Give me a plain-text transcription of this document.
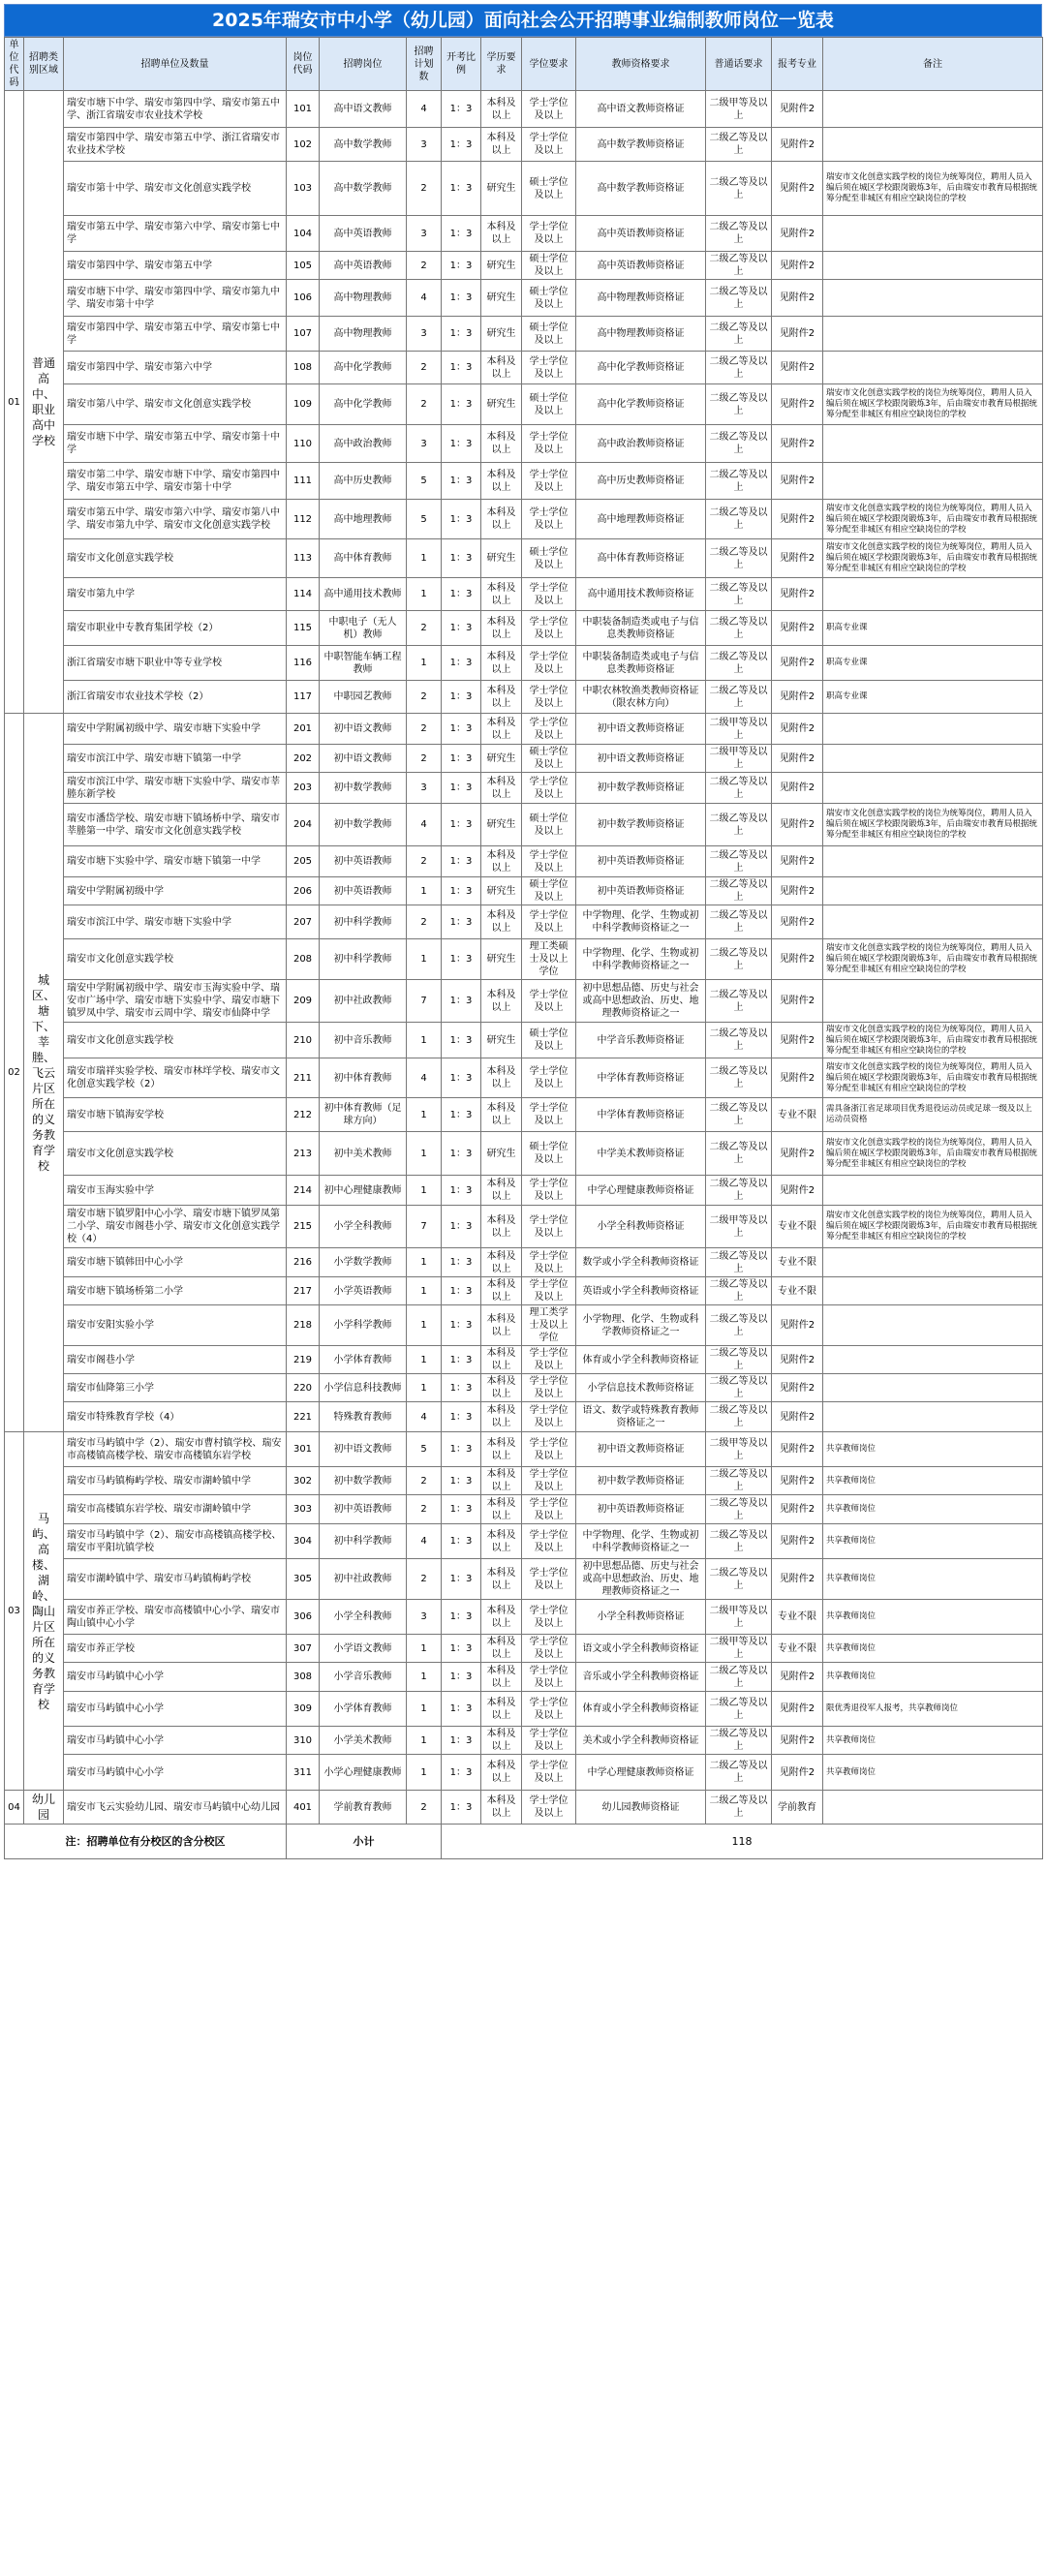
2025年瑞安市中小学（幼儿园）面向社会公开招聘事业编制教师岗位一览表
单位代码	招聘类别区域	招聘单位及数量	岗位代码	招聘岗位	招聘计划数	开考比例	学历要求	学位要求	教师资格要求	普通话要求	报考专业	备注
01	普通高中、职业高中学校	瑞安市塘下中学、瑞安市第四中学、瑞安市第五中学、浙江省瑞安市农业技术学校	101	高中语文教师	4	1：3	本科及以上	学士学位及以上	高中语文教师资格证	二级甲等及以上	见附件2	
		瑞安市第四中学、瑞安市第五中学、浙江省瑞安市农业技术学校	102	高中数学教师	3	1：3	本科及以上	学士学位及以上	高中数学教师资格证	二级乙等及以上	见附件2	
		瑞安市第十中学、瑞安市文化创意实践学校	103	高中数学教师	2	1：3	研究生	硕士学位及以上	高中数学教师资格证	二级乙等及以上	见附件2	瑞安市文化创意实践学校的岗位为统筹岗位，聘用人员入编后须在城区学校跟岗锻炼3年，后由瑞安市教育局根据统筹分配至非城区有相应空缺岗位的学校
		瑞安市第五中学、瑞安市第六中学、瑞安市第七中学	104	高中英语教师	3	1：3	本科及以上	学士学位及以上	高中英语教师资格证	二级乙等及以上	见附件2	
		瑞安市第四中学、瑞安市第五中学	105	高中英语教师	2	1：3	研究生	硕士学位及以上	高中英语教师资格证	二级乙等及以上	见附件2	
		瑞安市塘下中学、瑞安市第四中学、瑞安市第九中学、瑞安市第十中学	106	高中物理教师	4	1：3	研究生	硕士学位及以上	高中物理教师资格证	二级乙等及以上	见附件2	
		瑞安市第四中学、瑞安市第五中学、瑞安市第七中学	107	高中物理教师	3	1：3	研究生	硕士学位及以上	高中物理教师资格证	二级乙等及以上	见附件2	
		瑞安市第四中学、瑞安市第六中学	108	高中化学教师	2	1：3	本科及以上	学士学位及以上	高中化学教师资格证	二级乙等及以上	见附件2	
		瑞安市第八中学、瑞安市文化创意实践学校	109	高中化学教师	2	1：3	研究生	硕士学位及以上	高中化学教师资格证	二级乙等及以上	见附件2	瑞安市文化创意实践学校的岗位为统筹岗位，聘用人员入编后须在城区学校跟岗锻炼3年，后由瑞安市教育局根据统筹分配至非城区有相应空缺岗位的学校
		瑞安市塘下中学、瑞安市第五中学、瑞安市第十中学	110	高中政治教师	3	1：3	本科及以上	学士学位及以上	高中政治教师资格证	二级乙等及以上	见附件2	
		瑞安市第二中学、瑞安市塘下中学、瑞安市第四中学、瑞安市第五中学、瑞安市第十中学	111	高中历史教师	5	1：3	本科及以上	学士学位及以上	高中历史教师资格证	二级乙等及以上	见附件2	
		瑞安市第五中学、瑞安市第六中学、瑞安市第八中学、瑞安市第九中学、瑞安市文化创意实践学校	112	高中地理教师	5	1：3	本科及以上	学士学位及以上	高中地理教师资格证	二级乙等及以上	见附件2	瑞安市文化创意实践学校的岗位为统筹岗位，聘用人员入编后须在城区学校跟岗锻炼3年，后由瑞安市教育局根据统筹分配至非城区有相应空缺岗位的学校
		瑞安市文化创意实践学校	113	高中体育教师	1	1：3	研究生	硕士学位及以上	高中体育教师资格证	二级乙等及以上	见附件2	瑞安市文化创意实践学校的岗位为统筹岗位，聘用人员入编后须在城区学校跟岗锻炼3年，后由瑞安市教育局根据统筹分配至非城区有相应空缺岗位的学校
		瑞安市第九中学	114	高中通用技术教师	1	1：3	本科及以上	学士学位及以上	高中通用技术教师资格证	二级乙等及以上	见附件2	
		瑞安市职业中专教育集团学校（2）	115	中职电子（无人机）教师	2	1：3	本科及以上	学士学位及以上	中职装备制造类或电子与信息类教师资格证	二级乙等及以上	见附件2	职高专业课
		浙江省瑞安市塘下职业中等专业学校	116	中职智能车辆工程教师	1	1：3	本科及以上	学士学位及以上	中职装备制造类或电子与信息类教师资格证	二级乙等及以上	见附件2	职高专业课
		浙江省瑞安市农业技术学校（2）	117	中职园艺教师	2	1：3	本科及以上	学士学位及以上	中职农林牧渔类教师资格证（限农林方向）	二级乙等及以上	见附件2	职高专业课
02	城区、塘下、莘塍、飞云片区所在的义务教育学校	瑞安中学附属初级中学、瑞安市塘下实验中学	201	初中语文教师	2	1：3	本科及以上	学士学位及以上	初中语文教师资格证	二级甲等及以上	见附件2	
		瑞安市滨江中学、瑞安市塘下镇第一中学	202	初中语文教师	2	1：3	研究生	硕士学位及以上	初中语文教师资格证	二级甲等及以上	见附件2	
		瑞安市滨江中学、瑞安市塘下实验中学、瑞安市莘塍东新学校	203	初中数学教师	3	1：3	本科及以上	学士学位及以上	初中数学教师资格证	二级乙等及以上	见附件2	
		瑞安市潘岱学校、瑞安市塘下镇场桥中学、瑞安市莘塍第一中学、瑞安市文化创意实践学校	204	初中数学教师	4	1：3	研究生	硕士学位及以上	初中数学教师资格证	二级乙等及以上	见附件2	瑞安市文化创意实践学校的岗位为统筹岗位，聘用人员入编后须在城区学校跟岗锻炼3年，后由瑞安市教育局根据统筹分配至非城区有相应空缺岗位的学校
		瑞安市塘下实验中学、瑞安市塘下镇第一中学	205	初中英语教师	2	1：3	本科及以上	学士学位及以上	初中英语教师资格证	二级乙等及以上	见附件2	
		瑞安中学附属初级中学	206	初中英语教师	1	1：3	研究生	硕士学位及以上	初中英语教师资格证	二级乙等及以上	见附件2	
		瑞安市滨江中学、瑞安市塘下实验中学	207	初中科学教师	2	1：3	本科及以上	学士学位及以上	中学物理、化学、生物或初中科学教师资格证之一	二级乙等及以上	见附件2	
		瑞安市文化创意实践学校	208	初中科学教师	1	1：3	研究生	理工类硕士及以上学位	中学物理、化学、生物或初中科学教师资格证之一	二级乙等及以上	见附件2	瑞安市文化创意实践学校的岗位为统筹岗位，聘用人员入编后须在城区学校跟岗锻炼3年，后由瑞安市教育局根据统筹分配至非城区有相应空缺岗位的学校
		瑞安中学附属初级中学、瑞安市玉海实验中学、瑞安市广场中学、瑞安市塘下实验中学、瑞安市塘下镇罗凤中学、瑞安市云周中学、瑞安市仙降中学	209	初中社政教师	7	1：3	本科及以上	学士学位及以上	初中思想品德、历史与社会或高中思想政治、历史、地理教师资格证之一	二级乙等及以上	见附件2	
		瑞安市文化创意实践学校	210	初中音乐教师	1	1：3	研究生	硕士学位及以上	中学音乐教师资格证	二级乙等及以上	见附件2	瑞安市文化创意实践学校的岗位为统筹岗位，聘用人员入编后须在城区学校跟岗锻炼3年，后由瑞安市教育局根据统筹分配至非城区有相应空缺岗位的学校
		瑞安市瑞祥实验学校、瑞安市林垟学校、瑞安市文化创意实践学校（2）	211	初中体育教师	4	1：3	本科及以上	学士学位及以上	中学体育教师资格证	二级乙等及以上	见附件2	瑞安市文化创意实践学校的岗位为统筹岗位，聘用人员入编后须在城区学校跟岗锻炼3年，后由瑞安市教育局根据统筹分配至非城区有相应空缺岗位的学校
		瑞安市塘下镇海安学校	212	初中体育教师（足球方向）	1	1：3	本科及以上	学士学位及以上	中学体育教师资格证	二级乙等及以上	专业不限	需具备浙江省足球项目优秀退役运动员或足球一级及以上运动员资格
		瑞安市文化创意实践学校	213	初中美术教师	1	1：3	研究生	硕士学位及以上	中学美术教师资格证	二级乙等及以上	见附件2	瑞安市文化创意实践学校的岗位为统筹岗位，聘用人员入编后须在城区学校跟岗锻炼3年，后由瑞安市教育局根据统筹分配至非城区有相应空缺岗位的学校
		瑞安市玉海实验中学	214	初中心理健康教师	1	1：3	本科及以上	学士学位及以上	中学心理健康教师资格证	二级乙等及以上	见附件2	
		瑞安市塘下镇罗阳中心小学、瑞安市塘下镇罗凤第二小学、瑞安市阁巷小学、瑞安市文化创意实践学校（4）	215	小学全科教师	7	1：3	本科及以上	学士学位及以上	小学全科教师资格证	二级甲等及以上	专业不限	瑞安市文化创意实践学校的岗位为统筹岗位，聘用人员入编后须在城区学校跟岗锻炼3年，后由瑞安市教育局根据统筹分配至非城区有相应空缺岗位的学校
		瑞安市塘下镇韩田中心小学	216	小学数学教师	1	1：3	本科及以上	学士学位及以上	数学或小学全科教师资格证	二级乙等及以上	专业不限	
		瑞安市塘下镇场桥第二小学	217	小学英语教师	1	1：3	本科及以上	学士学位及以上	英语或小学全科教师资格证	二级乙等及以上	专业不限	
		瑞安市安阳实验小学	218	小学科学教师	1	1：3	本科及以上	理工类学士及以上学位	小学物理、化学、生物或科学教师资格证之一	二级乙等及以上	见附件2	
		瑞安市阁巷小学	219	小学体育教师	1	1：3	本科及以上	学士学位及以上	体育或小学全科教师资格证	二级乙等及以上	见附件2	
		瑞安市仙降第三小学	220	小学信息科技教师	1	1：3	本科及以上	学士学位及以上	小学信息技术教师资格证	二级乙等及以上	见附件2	
		瑞安市特殊教育学校（4）	221	特殊教育教师	4	1：3	本科及以上	学士学位及以上	语文、数学或特殊教育教师资格证之一	二级乙等及以上	见附件2	
03	马屿、高楼、湖岭、陶山片区所在的义务教育学校	瑞安市马屿镇中学（2）、瑞安市曹村镇学校、瑞安市高楼镇高楼学校、瑞安市高楼镇东岩学校	301	初中语文教师	5	1：3	本科及以上	学士学位及以上	初中语文教师资格证	二级甲等及以上	见附件2	共享教师岗位
		瑞安市马屿镇梅屿学校、瑞安市湖岭镇中学	302	初中数学教师	2	1：3	本科及以上	学士学位及以上	初中数学教师资格证	二级乙等及以上	见附件2	共享教师岗位
		瑞安市高楼镇东岩学校、瑞安市湖岭镇中学	303	初中英语教师	2	1：3	本科及以上	学士学位及以上	初中英语教师资格证	二级乙等及以上	见附件2	共享教师岗位
		瑞安市马屿镇中学（2）、瑞安市高楼镇高楼学校、瑞安市平阳坑镇学校	304	初中科学教师	4	1：3	本科及以上	学士学位及以上	中学物理、化学、生物或初中科学教师资格证之一	二级乙等及以上	见附件2	共享教师岗位
		瑞安市湖岭镇中学、瑞安市马屿镇梅屿学校	305	初中社政教师	2	1：3	本科及以上	学士学位及以上	初中思想品德、历史与社会或高中思想政治、历史、地理教师资格证之一	二级乙等及以上	见附件2	共享教师岗位
		瑞安市养正学校、瑞安市高楼镇中心小学、瑞安市陶山镇中心小学	306	小学全科教师	3	1：3	本科及以上	学士学位及以上	小学全科教师资格证	二级甲等及以上	专业不限	共享教师岗位
		瑞安市养正学校	307	小学语文教师	1	1：3	本科及以上	学士学位及以上	语文或小学全科教师资格证	二级甲等及以上	专业不限	共享教师岗位
		瑞安市马屿镇中心小学	308	小学音乐教师	1	1：3	本科及以上	学士学位及以上	音乐或小学全科教师资格证	二级乙等及以上	见附件2	共享教师岗位
		瑞安市马屿镇中心小学	309	小学体育教师	1	1：3	本科及以上	学士学位及以上	体育或小学全科教师资格证	二级乙等及以上	见附件2	限优秀退役军人报考，共享教师岗位
		瑞安市马屿镇中心小学	310	小学美术教师	1	1：3	本科及以上	学士学位及以上	美术或小学全科教师资格证	二级乙等及以上	见附件2	共享教师岗位
		瑞安市马屿镇中心小学	311	小学心理健康教师	1	1：3	本科及以上	学士学位及以上	中学心理健康教师资格证	二级乙等及以上	见附件2	共享教师岗位
04	幼儿园	瑞安市飞云实验幼儿园、瑞安市马屿镇中心幼儿园	401	学前教育教师	2	1：3	本科及以上	学士学位及以上	幼儿园教师资格证	二级乙等及以上	学前教育	
注：招聘单位有分校区的含分校区			小计			118						
